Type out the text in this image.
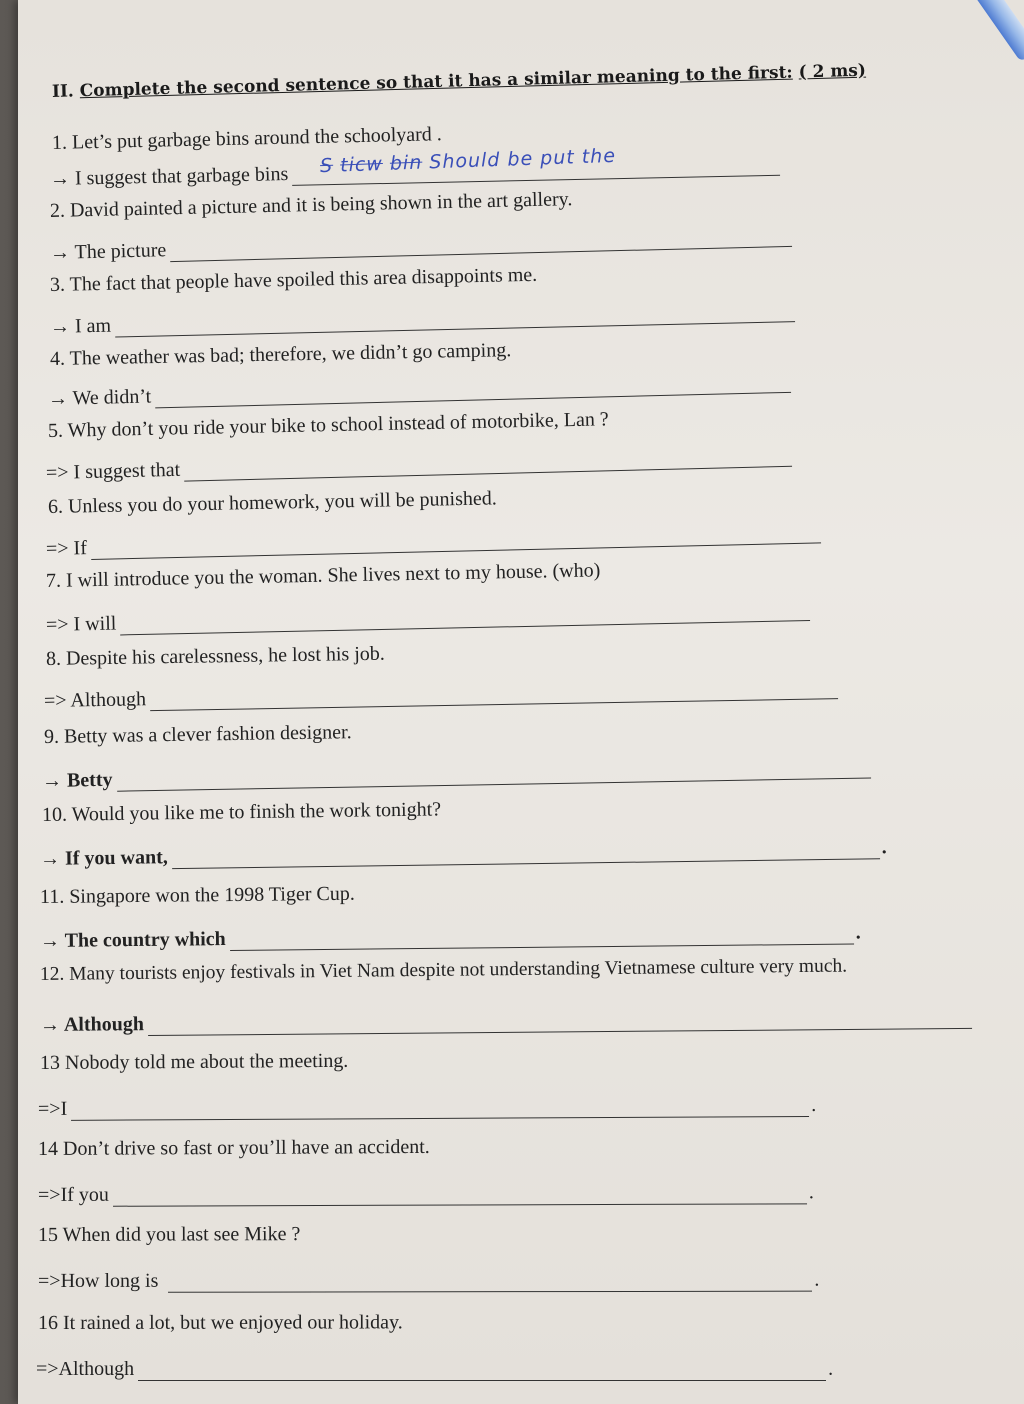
II. Complete the second sentence so that it has a similar meaning to the first: ( 2 ms)
1. Let’s put garbage bins around the schoolyard .
→ I suggest that garbage bins S ticw bin Should be put the
2. David painted a picture and it is being shown in the art gallery.
→ The picture
3. The fact that people have spoiled this area disappoints me.
→ I am
4. The weather was bad; therefore, we didn’t go camping.
→ We didn’t
5. Why don’t you ride your bike to school instead of motorbike, Lan ?
=> I suggest that
6. Unless you do your homework, you will be punished.
=> If
7. I will introduce you the woman. She lives next to my house. (who)
=> I will
8. Despite his carelessness, he lost his job.
=> Although
9. Betty was a clever fashion designer.
→ Betty
10. Would you like me to finish the work tonight?
→ If you want,	.
11. Singapore won the 1998 Tiger Cup.
→ The country which	.
12. Many tourists enjoy festivals in Viet Nam despite not understanding Vietnamese culture very much.
→ Although
13 Nobody told me about the meeting.
=>I	.
14 Don’t drive so fast or you’ll have an accident.
=>If you	.
15 When did you last see Mike ?
=>How long is	.
16 It rained a lot, but we enjoyed our holiday.
=>Although	.
